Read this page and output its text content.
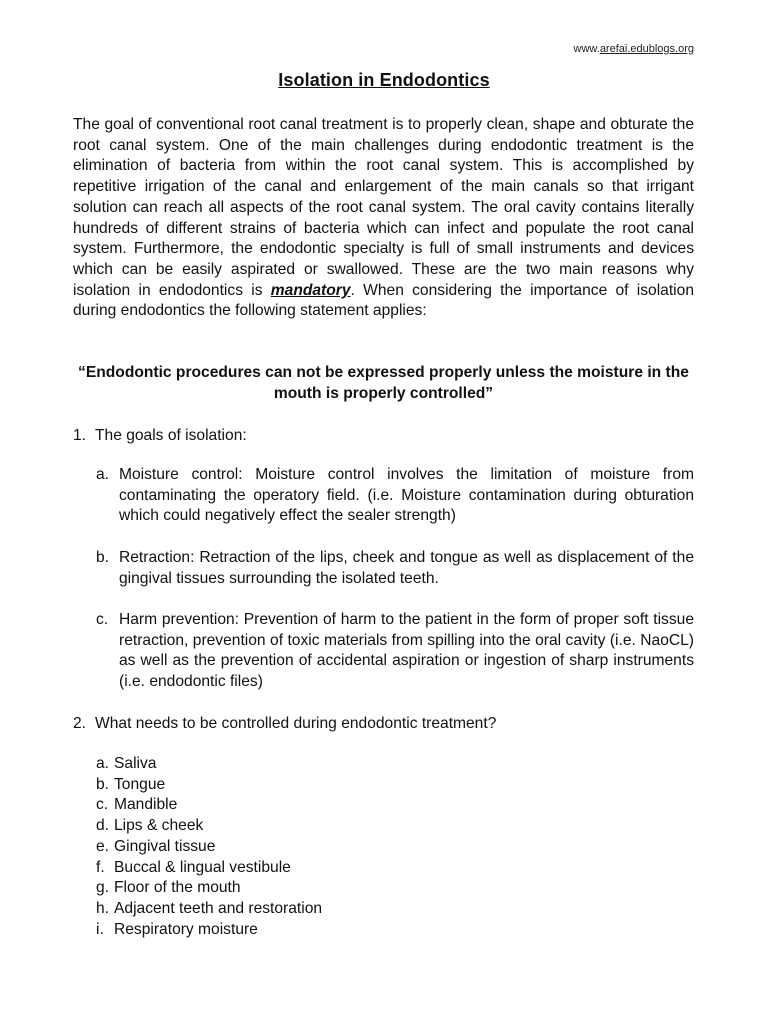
www.arefai.edublogs.org
Isolation in Endodontics

The goal of conventional root canal treatment is to properly clean, shape and obturate the root canal system. One of the main challenges during endodontic treatment is the elimination of bacteria from within the root canal system. This is accomplished by repetitive irrigation of the canal and enlargement of the main canals so that irrigant solution can reach all aspects of the root canal system. The oral cavity contains literally hundreds of different strains of bacteria which can infect and populate the root canal system. Furthermore, the endodontic specialty is full of small instruments and devices which can be easily aspirated or swallowed. These are the two main reasons why isolation in endodontics is mandatory. When considering the importance of isolation during endodontics the following statement applies:

“Endodontic procedures can not be expressed properly unless the moisture in the mouth is properly controlled”

1. The goals of isolation:
a. Moisture control: Moisture control involves the limitation of moisture from contaminating the operatory field. (i.e. Moisture contamination during obturation which could negatively effect the sealer strength)
b. Retraction: Retraction of the lips, cheek and tongue as well as displacement of the gingival tissues surrounding the isolated teeth.
c. Harm prevention: Prevention of harm to the patient in the form of proper soft tissue retraction, prevention of toxic materials from spilling into the oral cavity (i.e. NaoCL) as well as the prevention of accidental aspiration or ingestion of sharp instruments (i.e. endodontic files)
2. What needs to be controlled during endodontic treatment?
a. Saliva
b. Tongue
c. Mandible
d. Lips & cheek
e. Gingival tissue
f. Buccal & lingual vestibule
g. Floor of the mouth
h. Adjacent teeth and restoration
i. Respiratory moisture
